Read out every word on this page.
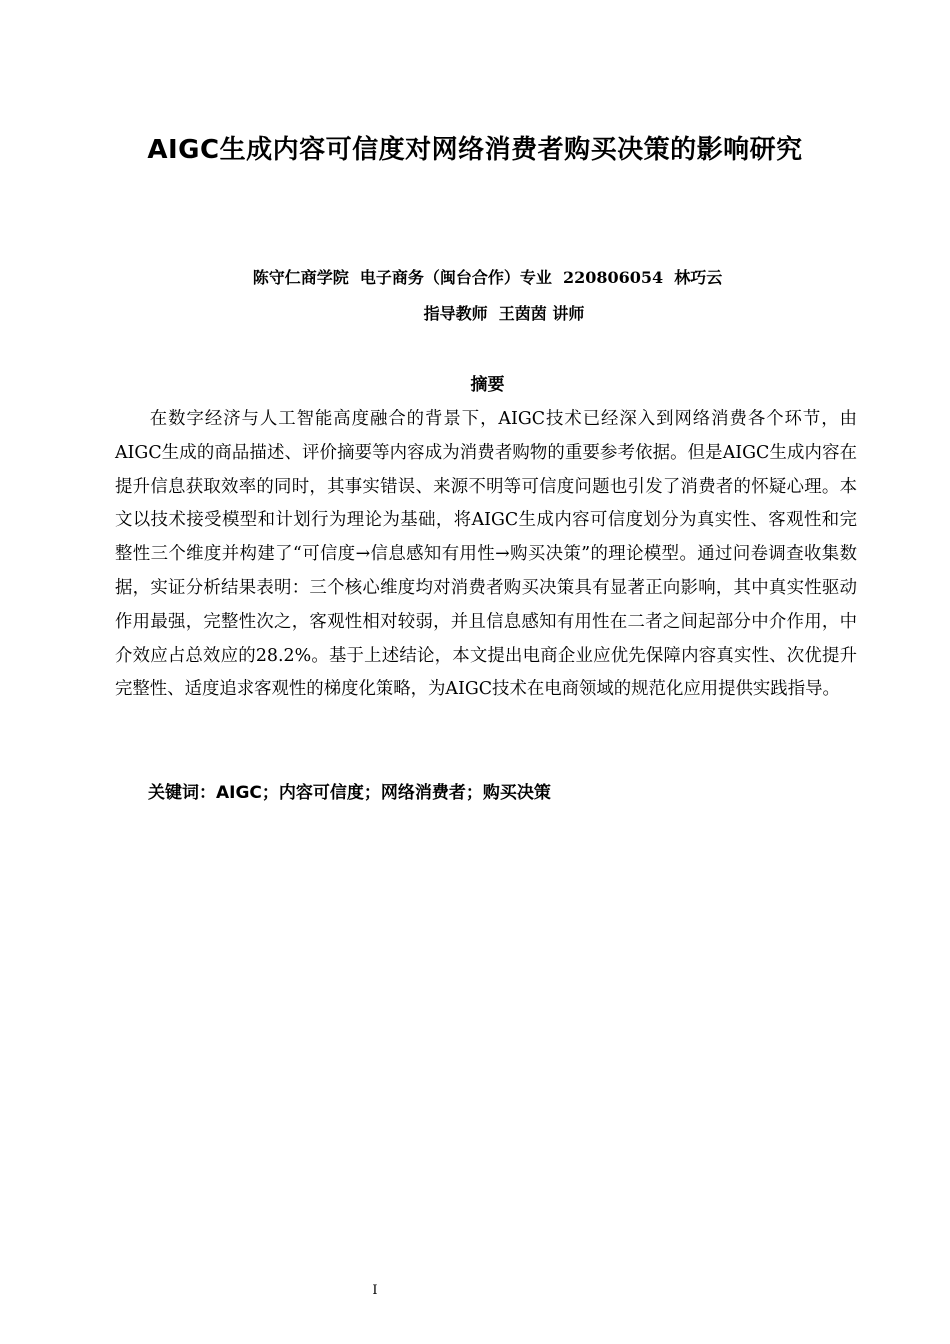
AIGC生成内容可信度对网络消费者购买决策的影响研究
陈守仁商学院  电子商务（闽台合作）专业  220806054  林巧云
指导教师  王茵茵 讲师
摘要

在数字经济与人工智能高度融合的背景下，AIGC技术已经深入到网络消费各个环节，由AIGC生成的商品描述、评价摘要等内容成为消费者购物的重要参考依据。但是AIGC生成内容在提升信息获取效率的同时，其事实错误、来源不明等可信度问题也引发了消费者的怀疑心理。本文以技术接受模型和计划行为理论为基础，将AIGC生成内容可信度划分为真实性、客观性和完整性三个维度并构建了“可信度→信息感知有用性→购买决策”的理论模型。通过问卷调查收集数据，实证分析结果表明：三个核心维度均对消费者购买决策具有显著正向影响，其中真实性驱动作用最强，完整性次之，客观性相对较弱，并且信息感知有用性在二者之间起部分中介作用，中介效应占总效应的28.2%。基于上述结论，本文提出电商企业应优先保障内容真实性、次优提升完整性、适度追求客观性的梯度化策略，为AIGC技术在电商领域的规范化应用提供实践指导。

关键词：AIGC；内容可信度；网络消费者；购买决策
I
